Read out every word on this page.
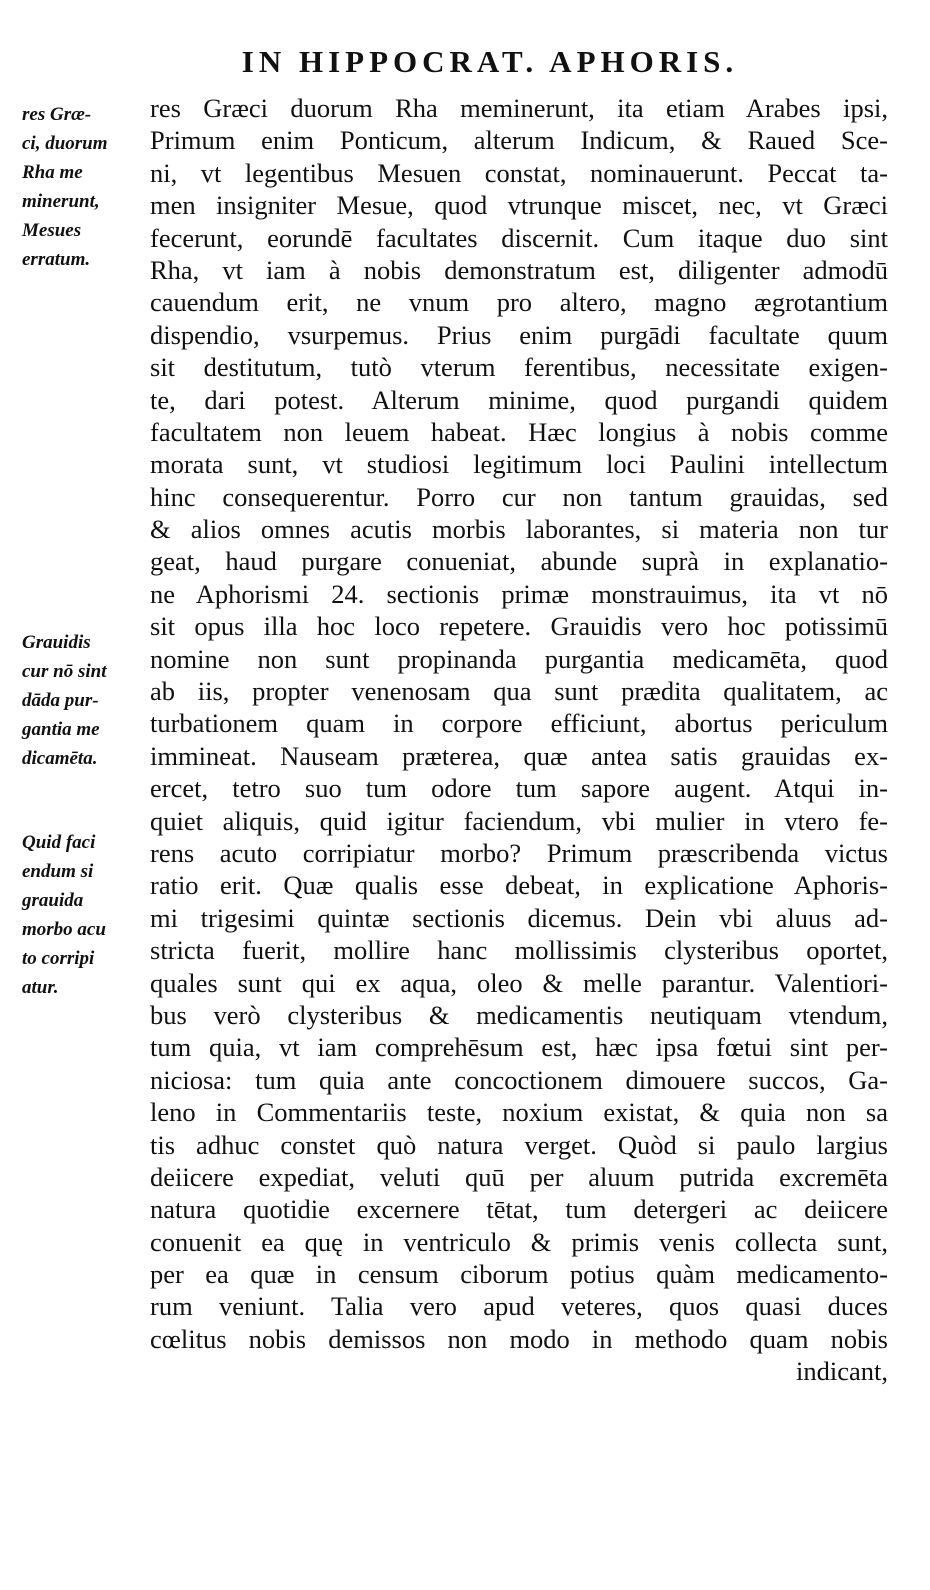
IN HIPPOCRAT. APHORIS.
res Græ-
ci, duorum
Rha me
minerunt,
Mesues
erratum.
Grauidis
cur nō sint
dāda pur-
gantia me
dicamēta.
Quid faci
endum si
grauida
morbo acu
to corripi
atur.
res Græci duorum Rha meminerunt, ita etiam Arabes ipsi,
Primum enim Ponticum, alterum Indicum, & Raued Sce-
ni, vt legentibus Mesuen constat, nominauerunt. Peccat ta-
men insigniter Mesue, quod vtrunque miscet, nec, vt Græci
fecerunt, eorundē facultates discernit. Cum itaque duo sint
Rha, vt iam à nobis demonstratum est, diligenter admodū
cauendum erit, ne vnum pro altero, magno ægrotantium
dispendio, vsurpemus. Prius enim purgādi facultate quum
sit destitutum, tutò vterum ferentibus, necessitate exigen-
te, dari potest. Alterum minime, quod purgandi quidem
facultatem non leuem habeat. Hæc longius à nobis comme
morata sunt, vt studiosi legitimum loci Paulini intellectum
hinc consequerentur. Porro cur non tantum grauidas, sed
& alios omnes acutis morbis laborantes, si materia non tur
geat, haud purgare conueniat, abunde suprà in explanatio-
ne Aphorismi 24. sectionis primæ monstrauimus, ita vt nō
sit opus illa hoc loco repetere. Grauidis vero hoc potissimū
nomine non sunt propinanda purgantia medicamēta, quod
ab iis, propter venenosam qua sunt prædita qualitatem, ac
turbationem quam in corpore efficiunt, abortus periculum
immineat. Nauseam præterea, quæ antea satis grauidas ex-
ercet, tetro suo tum odore tum sapore augent. Atqui in-
quiet aliquis, quid igitur faciendum, vbi mulier in vtero fe-
rens acuto corripiatur morbo? Primum præscribenda victus
ratio erit. Quæ qualis esse debeat, in explicatione Aphoris-
mi trigesimi quintæ sectionis dicemus. Dein vbi aluus ad-
stricta fuerit, mollire hanc mollissimis clysteribus oportet,
quales sunt qui ex aqua, oleo & melle parantur. Valentiori-
bus verò clysteribus & medicamentis neutiquam vtendum,
tum quia, vt iam comprehēsum est, hæc ipsa fœtui sint per-
niciosa: tum quia ante concoctionem dimouere succos, Ga-
leno in Commentariis teste, noxium existat, & quia non sa
tis adhuc constet quò natura verget. Quòd si paulo largius
deiicere expediat, veluti quū per aluum putrida excremēta
natura quotidie excernere tētat, tum detergeri ac deiicere
conuenit ea quę in ventriculo & primis venis collecta sunt,
per ea quæ in censum ciborum potius quàm medicamento-
rum veniunt. Talia vero apud veteres, quos quasi duces
cœlitus nobis demissos non modo in methodo quam nobis
indicant,
